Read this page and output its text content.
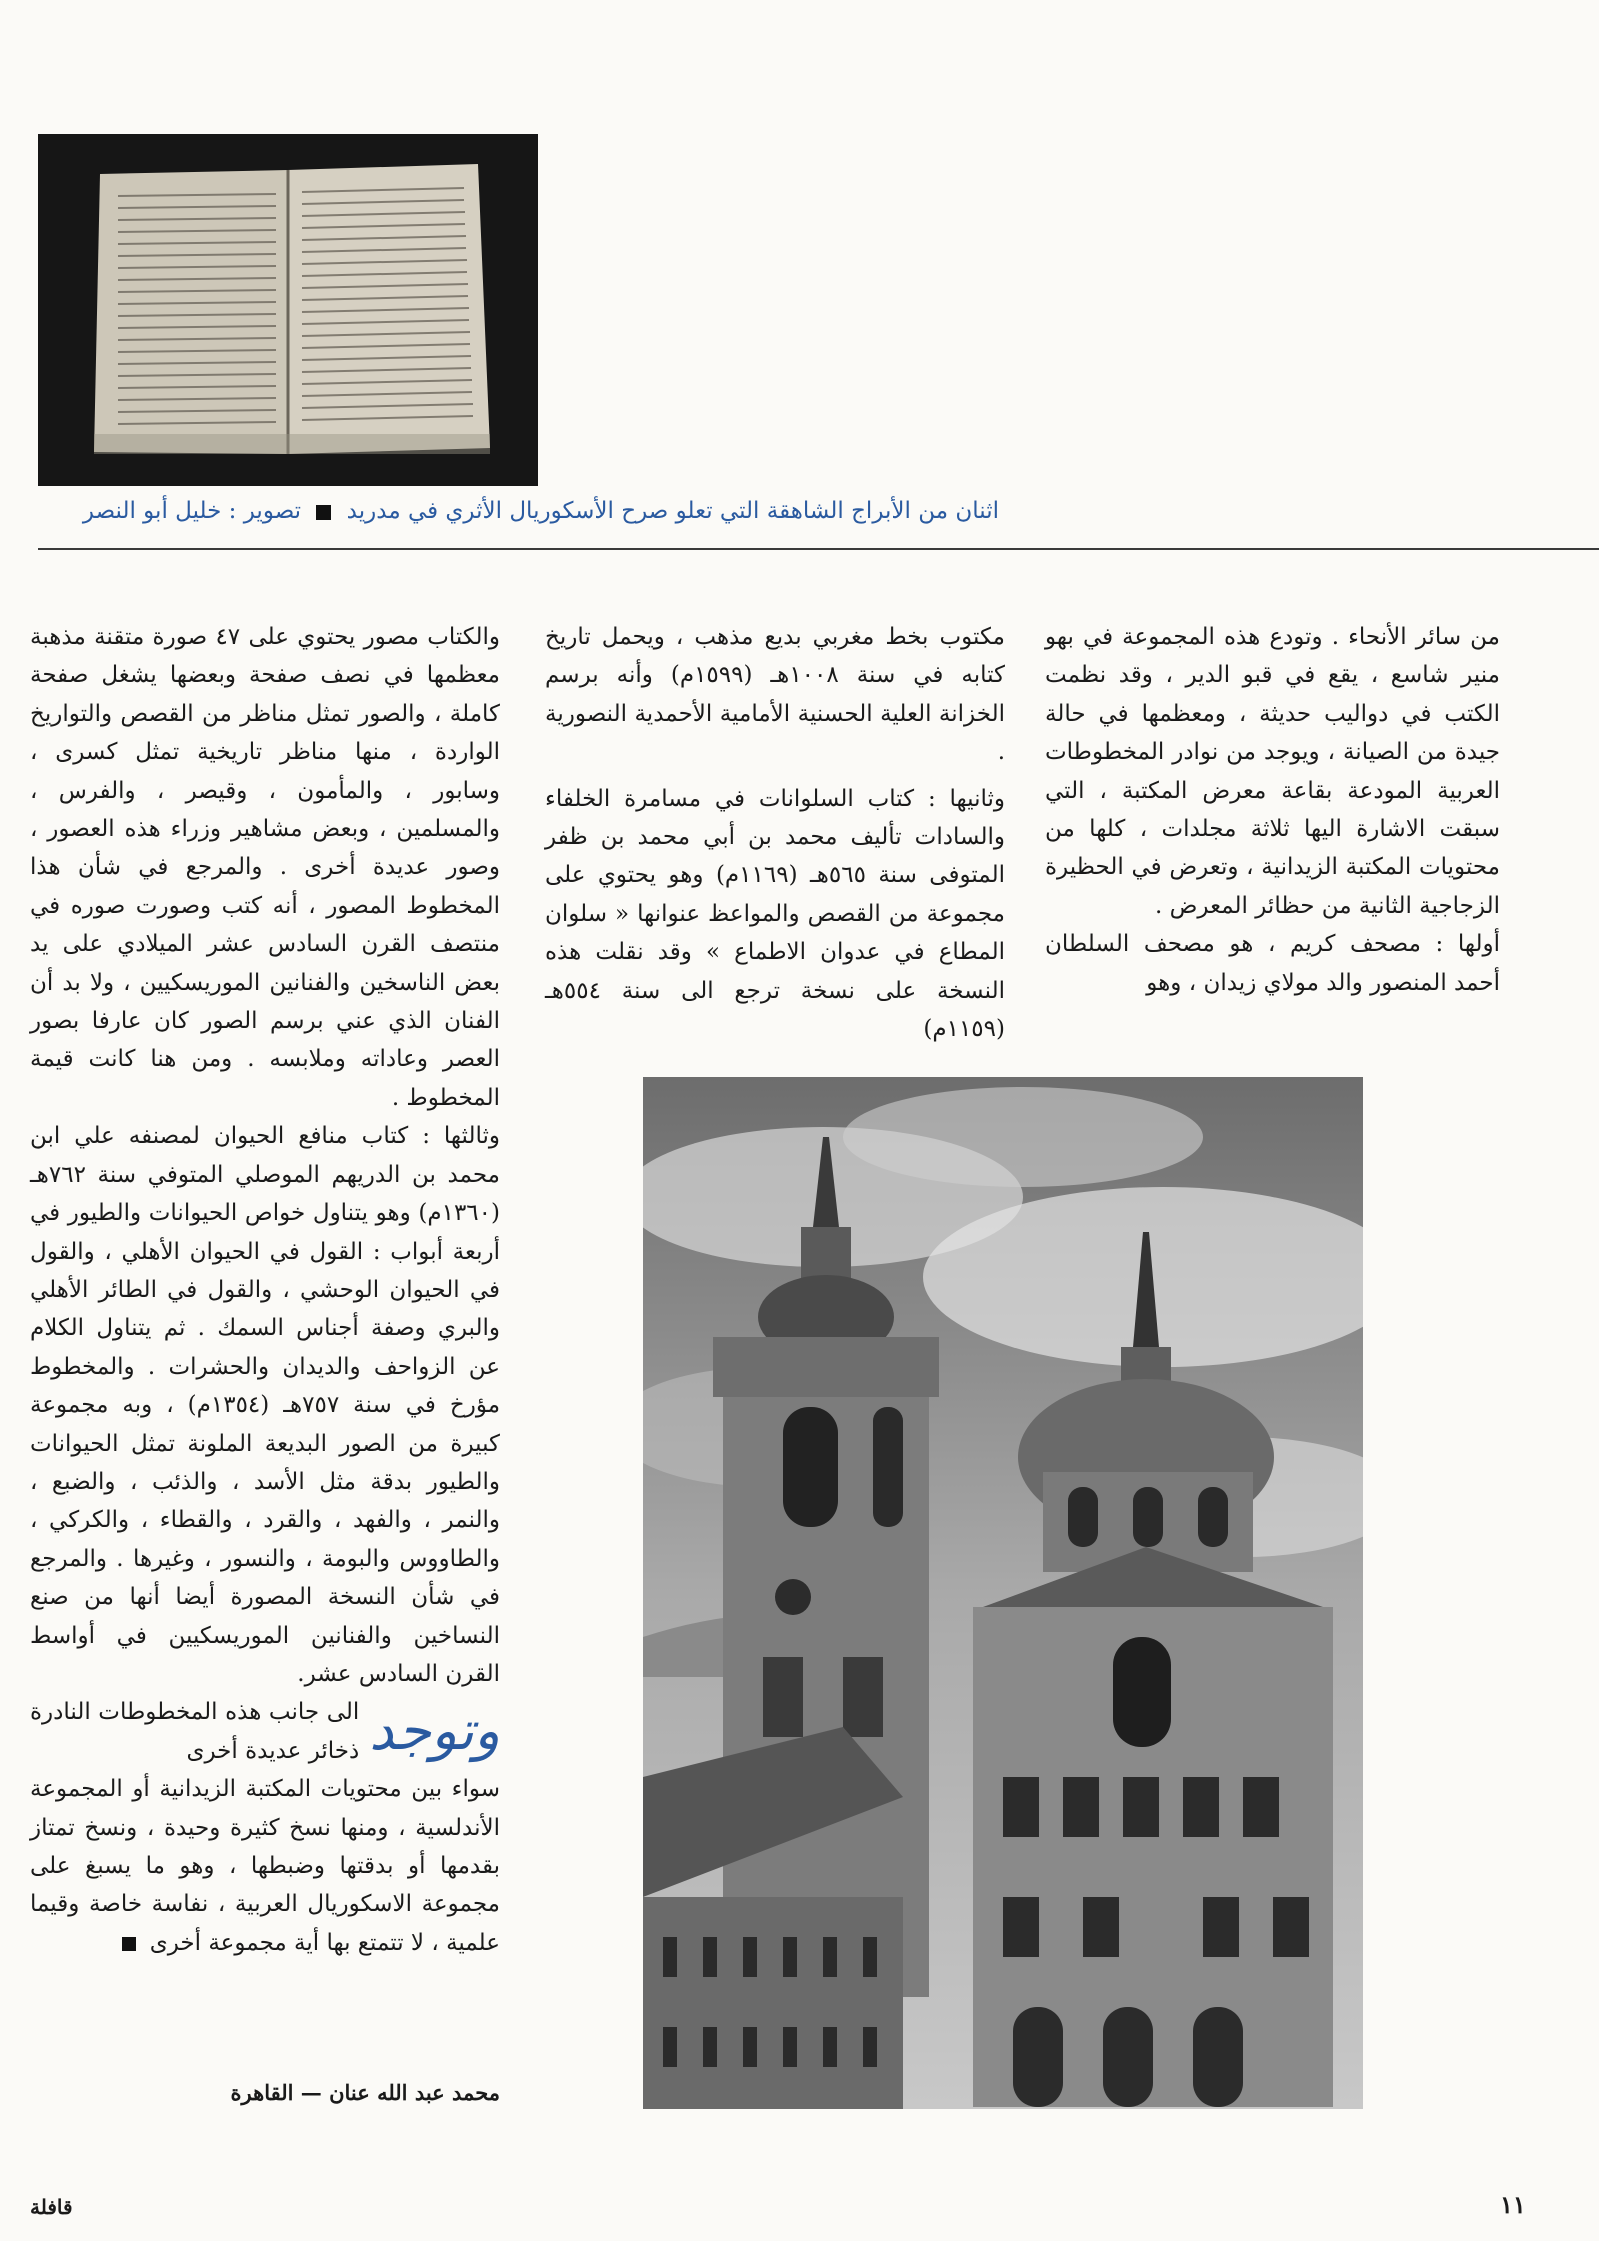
اثنان من الأبراج الشاهقة التي تعلو صرح الأسكوريال الأثري في مدريد  تصوير : خليل أبو النصر

من سائر الأنحاء . وتودع هذه المجموعة في بهو منير شاسع ، يقع في قبو الدير ، وقد نظمت الكتب في دواليب حديثة ، ومعظمها في حالة جيدة من الصيانة ، ويوجد من نوادر المخطوطات العربية المودعة بقاعة معرض المكتبة ، التي سبقت الاشارة اليها ثلاثة مجلدات ، كلها من محتويات المكتبة الزيدانية ، وتعرض في الحظيرة الزجاجية الثانية من حظائر المعرض .

أولها : مصحف كريم ، هو مصحف السلطان أحمد المنصور والد مولاي زيدان ، وهو

مكتوب بخط مغربي بديع مذهب ، ويحمل تاريخ كتابه في سنة ١٠٠٨هـ (١٥٩٩م) وأنه برسم الخزانة العلية الحسنية الأمامية الأحمدية النصورية .

وثانيها : كتاب السلوانات في مسامرة الخلفاء والسادات تأليف محمد بن أبي محمد بن ظفر المتوفى سنة ٥٦٥هـ (١١٦٩م) وهو يحتوي على مجموعة من القصص والمواعظ عنوانها « سلوان المطاع في عدوان الاطماع » وقد نقلت هذه النسخة على نسخة ترجع الى سنة ٥٥٤هـ (١١٥٩م)

والكتاب مصور يحتوي على ٤٧ صورة متقنة مذهبة معظمها في نصف صفحة وبعضها يشغل صفحة كاملة ، والصور تمثل مناظر من القصص والتواريخ الواردة ، منها مناظر تاريخية تمثل كسرى ، وسابور ، والمأمون ، وقيصر ، والفرس ، والمسلمين ، وبعض مشاهير وزراء هذه العصور ، وصور عديدة أخرى . والمرجع في شأن هذا المخطوط المصور ، أنه كتب وصورت صوره في منتصف القرن السادس عشر الميلادي على يد بعض الناسخين والفنانين الموريسكيين ، ولا بد أن الفنان الذي عني برسم الصور كان عارفا بصور العصر وعاداته وملابسه . ومن هنا كانت قيمة المخطوط .

وثالثها : كتاب منافع الحيوان لمصنفه علي ابن محمد بن الدريهم الموصلي المتوفي سنة ٧٦٢هـ (١٣٦٠م) وهو يتناول خواص الحيوانات والطيور في أربعة أبواب : القول في الحيوان الأهلي ، والقول في الحيوان الوحشي ، والقول في الطائر الأهلي والبري وصفة أجناس السمك . ثم يتناول الكلام عن الزواحف والديدان والحشرات . والمخطوط مؤرخ في سنة ٧٥٧هـ (١٣٥٤م) ، وبه مجموعة كبيرة من الصور البديعة الملونة تمثل الحيوانات والطيور بدقة مثل الأسد ، والذئب ، والضبع ، والنمر ، والفهد ، والقرد ، والقطاء ، والكركي ، والطاووس والبومة ، والنسور ، وغيرها . والمرجع في شأن النسخة المصورة أيضا أنها من صنع النساخين والفنانين الموريسكيين في أواسط القرن السادس عشر.

وتوجد
الى جانب هذه المخطوطات النادرة ذخائر عديدة أخرى

سواء بين محتويات المكتبة الزيدانية أو المجموعة الأندلسية ، ومنها نسخ كثيرة وحيدة ، ونسخ تمتاز بقدمها أو بدقتها وضبطها ، وهو ما يسبغ على مجموعة الاسكوريال العربية ، نفاسة خاصة وقيما علمية ، لا تتمتع بها أية مجموعة أخرى

محمد عبد الله عنان — القاهرة
١١
قافلة
